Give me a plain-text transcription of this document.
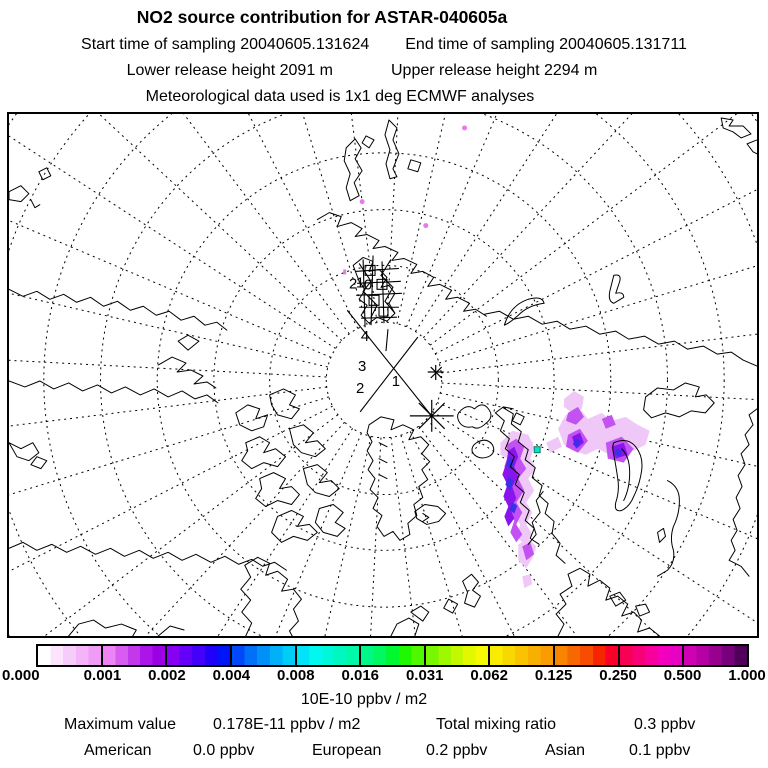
NO2 source contribution for ASTAR-040605a
Start time of sampling 20040605.131624 End time of sampling 20040605.131711
Lower release height 2091 m	Upper release height 2294 m
Meteorological data used is 1x1 deg ECMWF analyses
4
3
2 1
2
1 0
0.000	0.001 0.002 0.004 0.008 0.016 0.031 0.062 0.125 0.250 0.500 1.000
10E-10 ppbv / m2
Maximum value 0.178E-11 ppbv / m2	Total mixing ratio	0.3 ppbv
American	0.0 ppbv	European	0.2 ppbv	Asian	0.1 ppbv
